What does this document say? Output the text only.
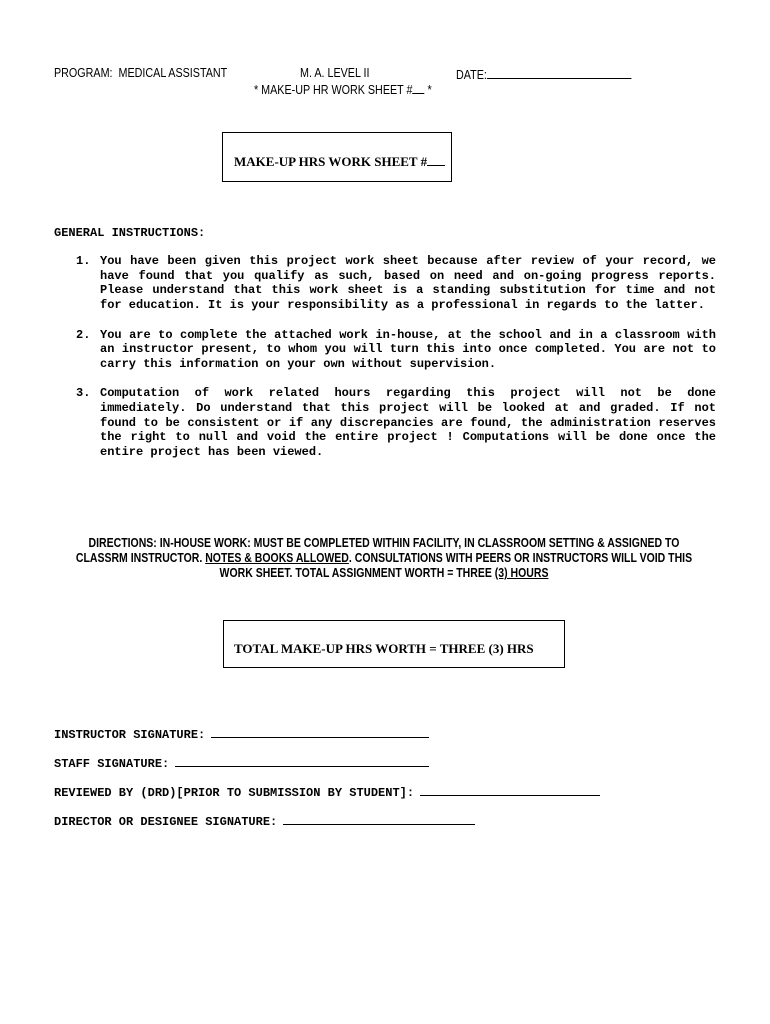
PROGRAM: MEDICAL ASSISTANT	M. A. LEVEL II	DATE:
* MAKE-UP HR WORK SHEET # *
MAKE-UP HRS WORK SHEET #
GENERAL INSTRUCTIONS:
1. You have been given this project work sheet because after review of your record, we have found that you qualify as such, based on need and on-going progress reports. Please understand that this work sheet is a standing substitution for time and not for education. It is your responsibility as a professional in regards to the latter.
2. You are to complete the attached work in-house, at the school and in a classroom with an instructor present, to whom you will turn this into once completed. You are not to carry this information on your own without supervision.
3. Computation of work related hours regarding this project will not be done immediately. Do understand that this project will be looked at and graded. If not found to be consistent or if any discrepancies are found, the administration reserves the right to null and void the entire project ! Computations will be done once the entire project has been viewed.
DIRECTIONS: IN-HOUSE WORK: MUST BE COMPLETED WITHIN FACILITY, IN CLASSROOM SETTING & ASSIGNED TO CLASSRM INSTRUCTOR. NOTES & BOOKS ALLOWED. CONSULTATIONS WITH PEERS OR INSTRUCTORS WILL VOID THIS WORK SHEET. TOTAL ASSIGNMENT WORTH = THREE (3) HOURS
TOTAL MAKE-UP HRS WORTH = THREE (3) HRS
INSTRUCTOR SIGNATURE:
STAFF SIGNATURE:
REVIEWED BY (DRD)[PRIOR TO SUBMISSION BY STUDENT]:
DIRECTOR OR DESIGNEE SIGNATURE:
